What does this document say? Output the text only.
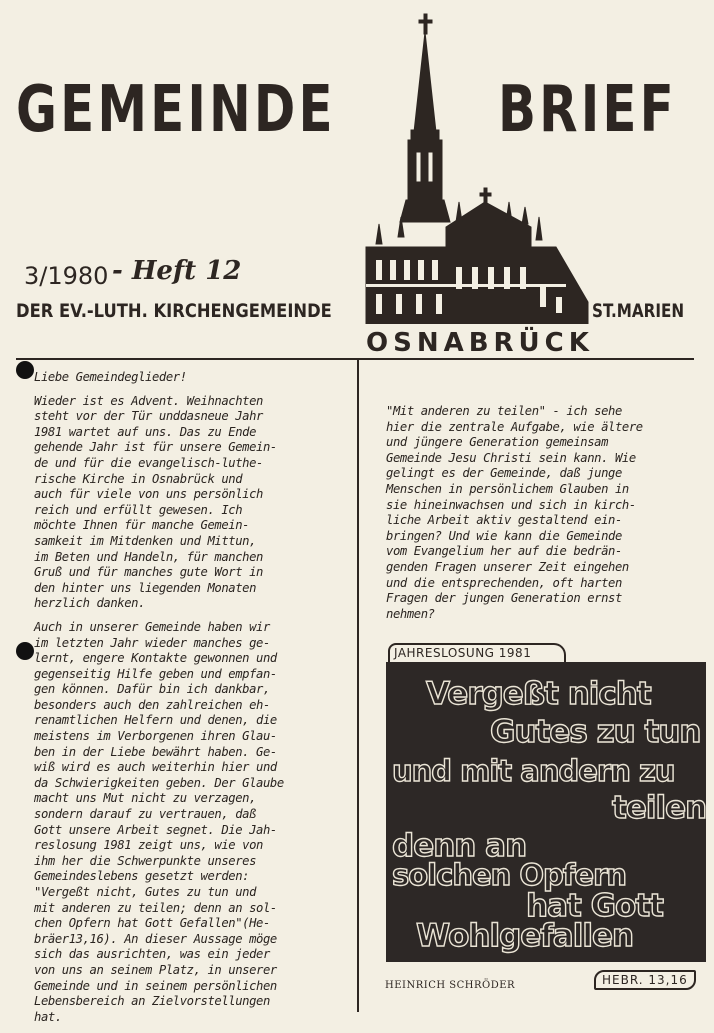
GEMEINDE	BRIEF
3/1980 - Heft 12
DER EV.-LUTH. KIRCHENGEMEINDE	ST.MARIEN
OSNABRÜCK

Liebe Gemeindeglieder!

Wieder ist es Advent. Weihnachten
steht vor der Tür unddasneue Jahr
1981 wartet auf uns. Das zu Ende
gehende Jahr ist für unsere Gemein-
de und für die evangelisch-luthe-
rische Kirche in Osnabrück und
auch für viele von uns persönlich
reich und erfüllt gewesen. Ich
möchte Ihnen für manche Gemein-
samkeit im Mitdenken und Mittun,
im Beten und Handeln, für manchen
Gruß und für manches gute Wort in
den hinter uns liegenden Monaten
herzlich danken.

Auch in unserer Gemeinde haben wir
im letzten Jahr wieder manches ge-
lernt, engere Kontakte gewonnen und
gegenseitig Hilfe geben und empfan-
gen können. Dafür bin ich dankbar,
besonders auch den zahlreichen eh-
renamtlichen Helfern und denen, die
meistens im Verborgenen ihren Glau-
ben in der Liebe bewährt haben. Ge-
wiß wird es auch weiterhin hier und
da Schwierigkeiten geben. Der Glaube
macht uns Mut nicht zu verzagen,
sondern darauf zu vertrauen, daß
Gott unsere Arbeit segnet. Die Jah-
reslosung 1981 zeigt uns, wie von
ihm her die Schwerpunkte unseres
Gemeindeslebens gesetzt werden:
"Vergeßt nicht, Gutes zu tun und
mit anderen zu teilen; denn an sol-
chen Opfern hat Gott Gefallen"(He-
bräer13,16). An dieser Aussage möge
sich das ausrichten, was ein jeder
von uns an seinem Platz, in unserer
Gemeinde und in seinem persönlichen
Lebensbereich an Zielvorstellungen
hat.

"Mit anderen zu teilen" - ich sehe
hier die zentrale Aufgabe, wie ältere
und jüngere Generation gemeinsam
Gemeinde Jesu Christi sein kann. Wie
gelingt es der Gemeinde, daß junge
Menschen in persönlichem Glauben in
sie hineinwachsen und sich in kirch-
liche Arbeit aktiv gestaltend ein-
bringen? Und wie kann die Gemeinde
vom Evangelium her auf die bedrän-
genden Fragen unserer Zeit eingehen
und die entsprechenden, oft harten
Fragen der jungen Generation ernst
nehmen?

JAHRESLOSUNG 1981
Vergeßt nicht
Gutes zu tun
und mit andern zu
teilen
denn an
solchen Opfern
hat Gott
Wohlgefallen
HEINRICH SCHRÖDER	HEBR. 13,16
